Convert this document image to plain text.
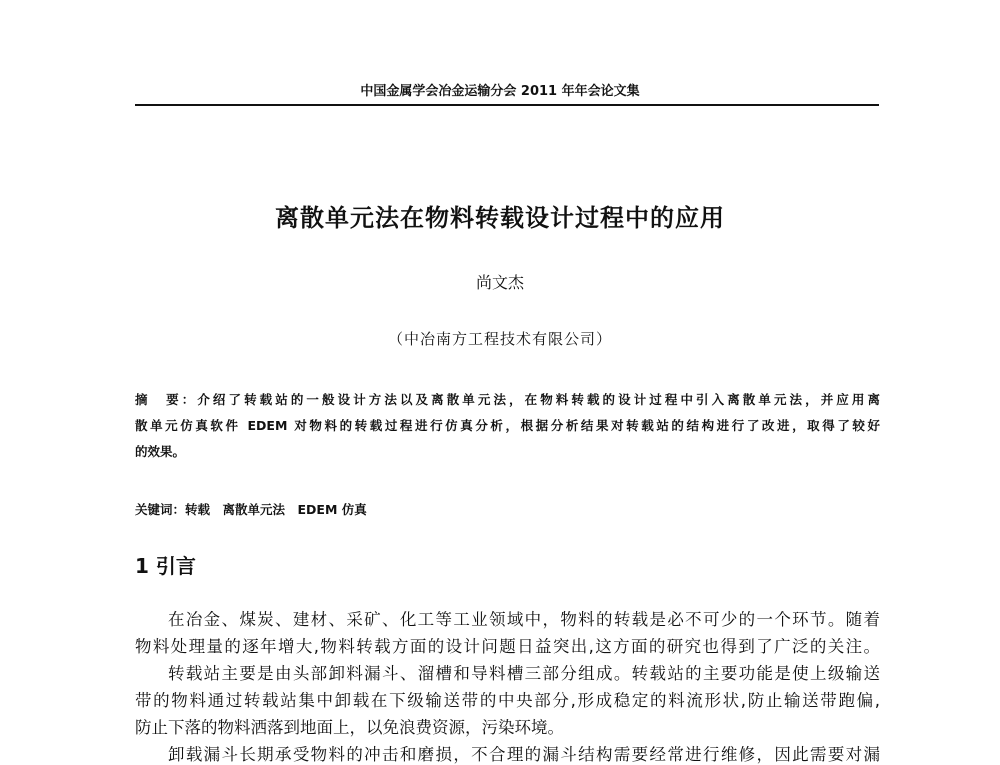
中国金属学会冶金运输分会 2011 年年会论文集
离散单元法在物料转载设计过程中的应用
尚文杰
（中冶南方工程技术有限公司）
摘　要：介绍了转载站的一般设计方法以及离散单元法，在物料转载的设计过程中引入离散单元法，并应用离
散单元仿真软件 EDEM 对物料的转载过程进行仿真分析，根据分析结果对转载站的结构进行了改进，取得了较好
的效果。
关键词：转载　离散单元法　EDEM 仿真
1 引言
在冶金、煤炭、建材、采矿、化工等工业领域中，物料的转载是必不可少的一个环节。随着
物料处理量的逐年增大,物料转载方面的设计问题日益突出,这方面的研究也得到了广泛的关注。
转载站主要是由头部卸料漏斗、溜槽和导料槽三部分组成。转载站的主要功能是使上级输送
带的物料通过转载站集中卸载在下级输送带的中央部分,形成稳定的料流形状,防止输送带跑偏,
防止下落的物料洒落到地面上，以免浪费资源，污染环境。
卸载漏斗长期承受物料的冲击和磨损，不合理的漏斗结构需要经常进行维修，因此需要对漏
